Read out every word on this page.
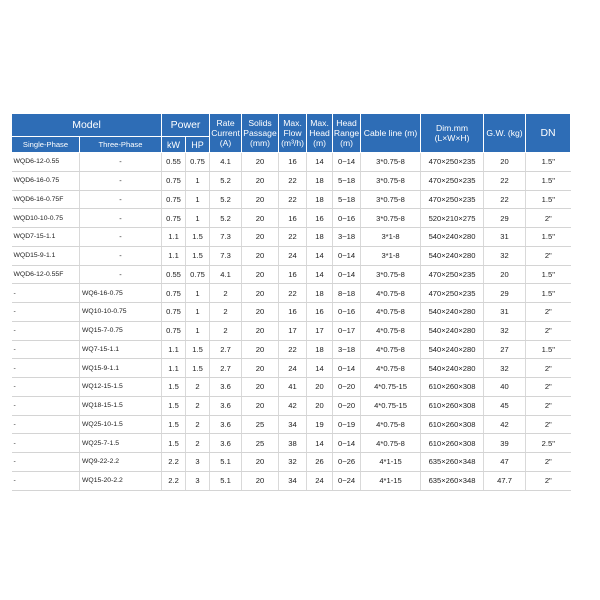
Model		Power		Rate Current (A)	Solids Passage (mm)	Max. Flow (m³/h)	Max. Head (m)	Head Range (m)	Cable line (m)	Dim.mm (L×W×H)	G.W. (kg)	DN
Single-Phase	Three-Phase	kW	HP									
WQD6-12-0.55	-	0.55	0.75	4.1	20	16	14	0~14	3*0.75-8	470×250×235	20	1.5"
WQD6-16-0.75	-	0.75	1	5.2	20	22	18	5~18	3*0.75-8	470×250×235	22	1.5"
WQD6-16-0.75F	-	0.75	1	5.2	20	22	18	5~18	3*0.75-8	470×250×235	22	1.5"
WQD10-10-0.75	-	0.75	1	5.2	20	16	16	0~16	3*0.75-8	520×210×275	29	2"
WQD7-15-1.1	-	1.1	1.5	7.3	20	22	18	3~18	3*1-8	540×240×280	31	1.5"
WQD15-9-1.1	-	1.1	1.5	7.3	20	24	14	0~14	3*1-8	540×240×280	32	2"
WQD6-12-0.55F	-	0.55	0.75	4.1	20	16	14	0~14	3*0.75-8	470×250×235	20	1.5"
-	WQ6-16-0.75	0.75	1	2	20	22	18	8~18	4*0.75-8	470×250×235	29	1.5"
-	WQ10-10-0.75	0.75	1	2	20	16	16	0~16	4*0.75-8	540×240×280	31	2"
-	WQ15-7-0.75	0.75	1	2	20	17	17	0~17	4*0.75-8	540×240×280	32	2"
-	WQ7-15-1.1	1.1	1.5	2.7	20	22	18	3~18	4*0.75-8	540×240×280	27	1.5"
-	WQ15-9-1.1	1.1	1.5	2.7	20	24	14	0~14	4*0.75-8	540×240×280	32	2"
-	WQ12-15-1.5	1.5	2	3.6	20	41	20	0~20	4*0.75-15	610×260×308	40	2"
-	WQ18-15-1.5	1.5	2	3.6	20	42	20	0~20	4*0.75-15	610×260×308	45	2"
-	WQ25-10-1.5	1.5	2	3.6	25	34	19	0~19	4*0.75-8	610×260×308	42	2"
-	WQ25-7-1.5	1.5	2	3.6	25	38	14	0~14	4*0.75-8	610×260×308	39	2.5"
-	WQ9-22-2.2	2.2	3	5.1	20	32	26	0~26	4*1-15	635×260×348	47	2"
-	WQ15-20-2.2	2.2	3	5.1	20	34	24	0~24	4*1-15	635×260×348	47.7	2"
